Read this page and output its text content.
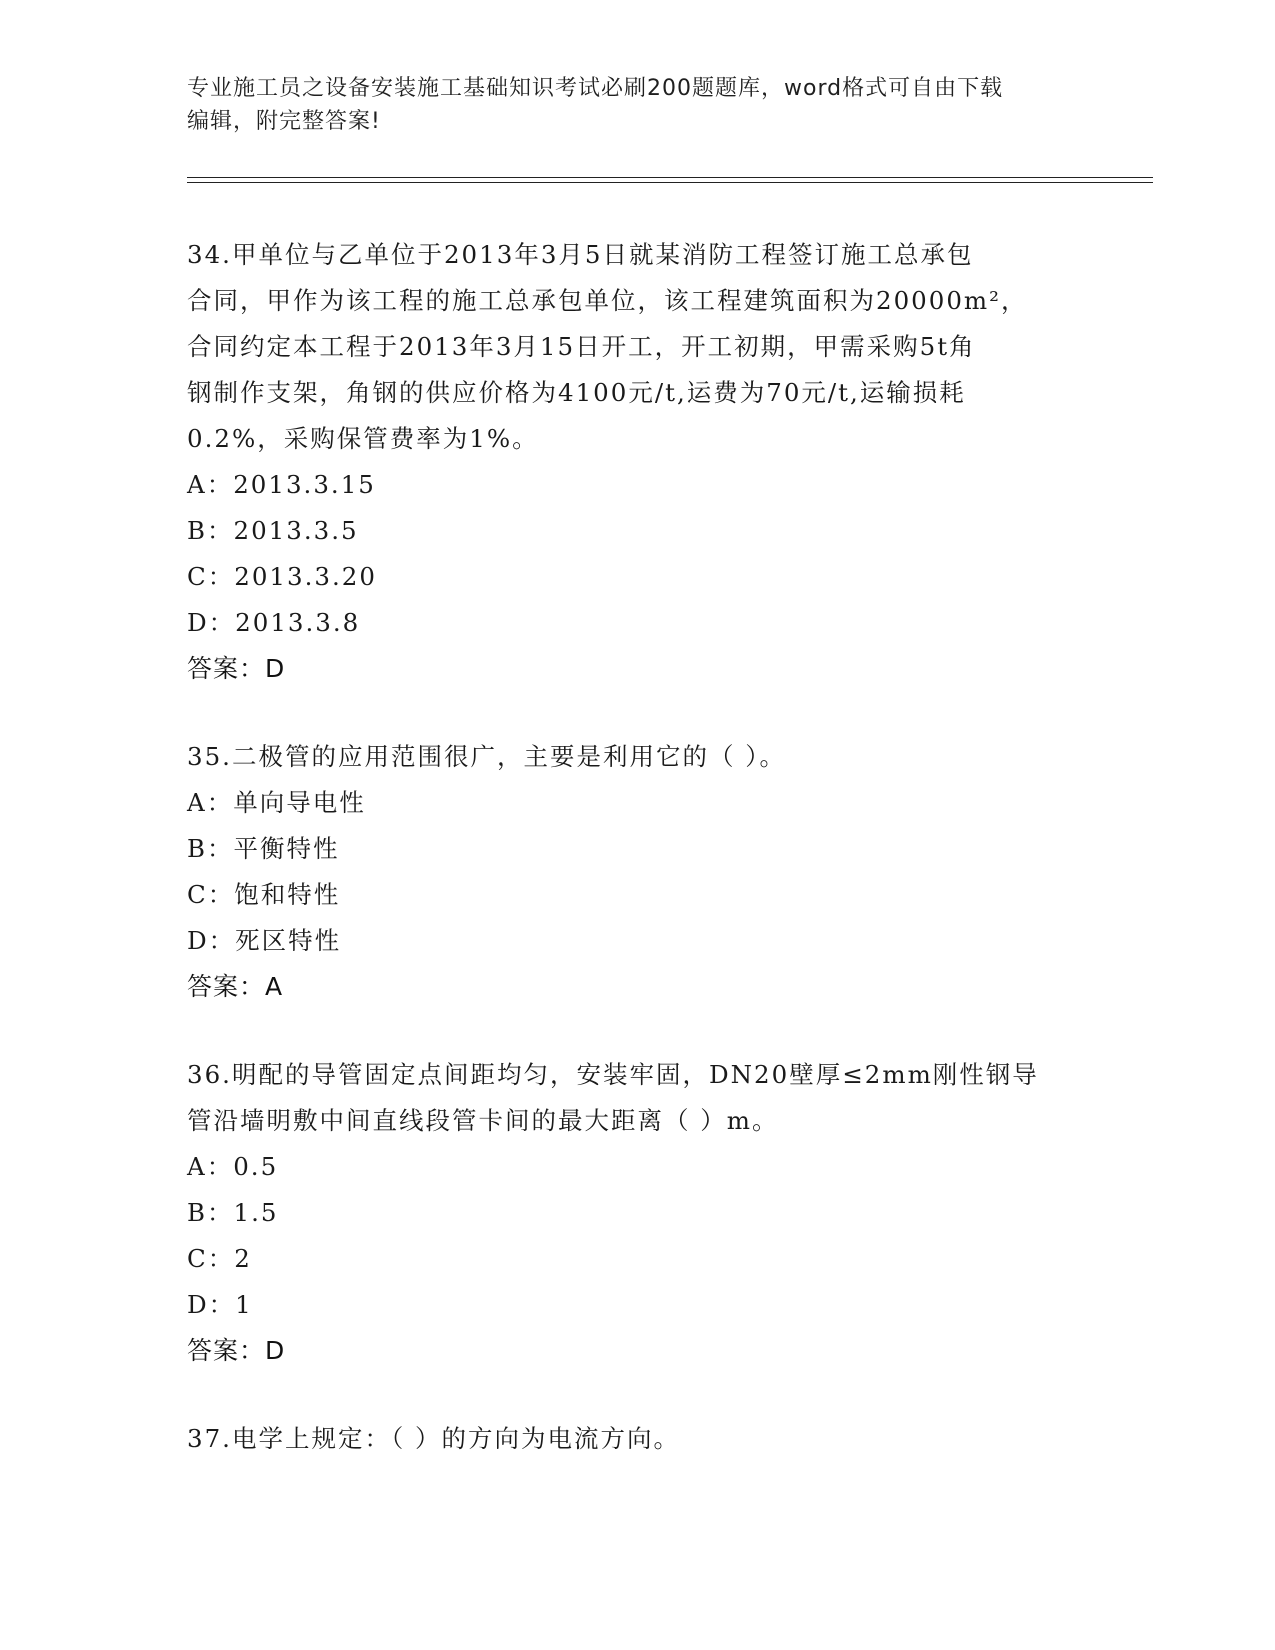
专业施工员之设备安装施工基础知识考试必刷200题题库，word格式可自由下载
编辑，附完整答案!
34.甲单位与乙单位于2013年3月5日就某消防工程签订施工总承包
合同，甲作为该工程的施工总承包单位，该工程建筑面积为20000m²，
合同约定本工程于2013年3月15日开工，开工初期，甲需采购5t角
钢制作支架，角钢的供应价格为4100元/t,运费为70元/t,运输损耗
0.2%，采购保管费率为1%。
A：2013.3.15
B：2013.3.5
C：2013.3.20
D：2013.3.8
答案：D
35.二极管的应用范围很广，主要是利用它的（ ）。
A：单向导电性
B：平衡特性
C：饱和特性
D：死区特性
答案：A
36.明配的导管固定点间距均匀，安装牢固，DN20壁厚≤2mm刚性钢导
管沿墙明敷中间直线段管卡间的最大距离（ ）m。
A：0.5
B：1.5
C：2
D：1
答案：D
37.电学上规定：（ ）的方向为电流方向。
